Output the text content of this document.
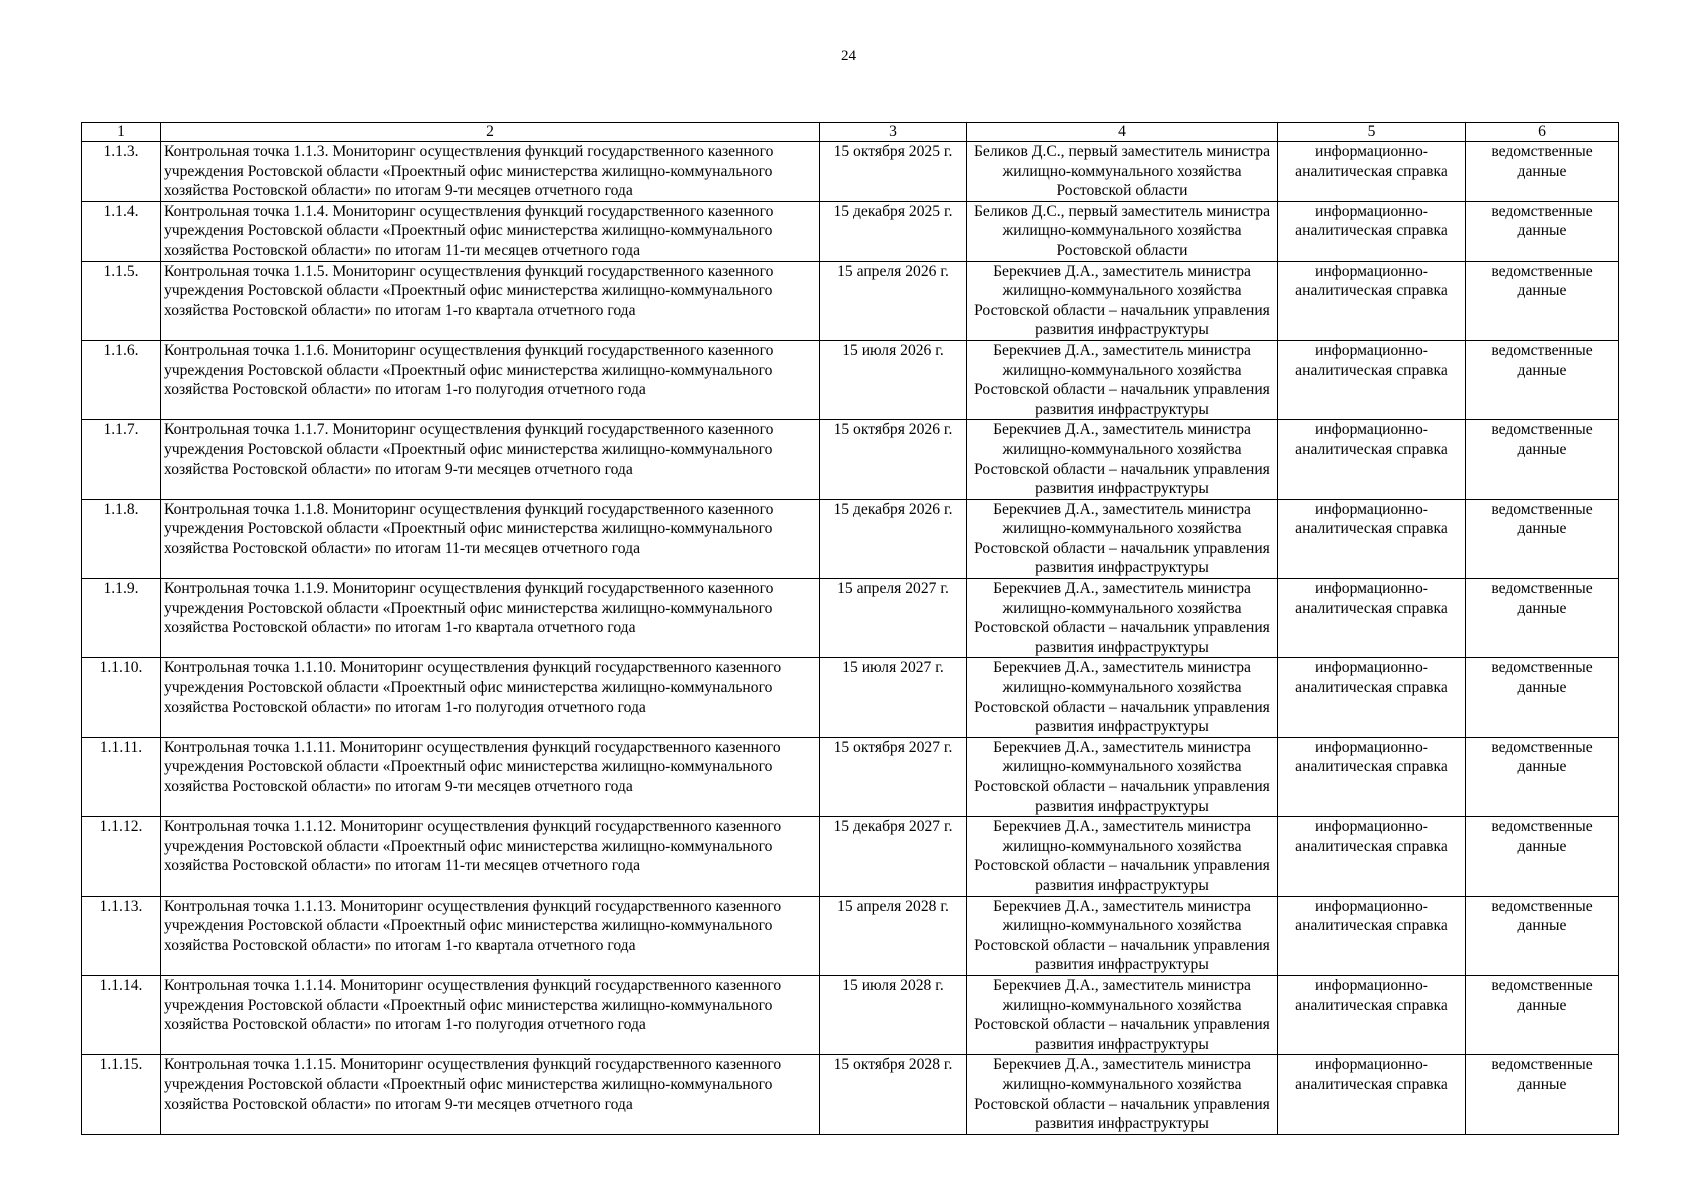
24
1	2	3	4	5	6
1.1.3.	Контрольная точка 1.1.3. Мониторинг осуществления функций государственного казенного учреждения Ростовской области «Проектный офис министерства жилищно-коммунального хозяйства Ростовской области» по итогам 9-ти месяцев отчетного года	15 октября 2025 г.	Беликов Д.С., первый заместитель министра жилищно-коммунального хозяйства Ростовской области	информационно-аналитическая справка	ведомственные данные
1.1.4.	Контрольная точка 1.1.4. Мониторинг осуществления функций государственного казенного учреждения Ростовской области «Проектный офис министерства жилищно-коммунального хозяйства Ростовской области» по итогам 11-ти месяцев отчетного года	15 декабря 2025 г.	Беликов Д.С., первый заместитель министра жилищно-коммунального хозяйства Ростовской области	информационно-аналитическая справка	ведомственные данные
1.1.5.	Контрольная точка 1.1.5. Мониторинг осуществления функций государственного казенного учреждения Ростовской области «Проектный офис министерства жилищно-коммунального хозяйства Ростовской области» по итогам 1-го квартала отчетного года	15 апреля 2026 г.	Берекчиев Д.А., заместитель министра жилищно-коммунального хозяйства Ростовской области – начальник управления развития инфраструктуры	информационно-аналитическая справка	ведомственные данные
1.1.6.	Контрольная точка 1.1.6. Мониторинг осуществления функций государственного казенного учреждения Ростовской области «Проектный офис министерства жилищно-коммунального хозяйства Ростовской области» по итогам 1-го полугодия отчетного года	15 июля 2026 г.	Берекчиев Д.А., заместитель министра жилищно-коммунального хозяйства Ростовской области – начальник управления развития инфраструктуры	информационно-аналитическая справка	ведомственные данные
1.1.7.	Контрольная точка 1.1.7. Мониторинг осуществления функций государственного казенного учреждения Ростовской области «Проектный офис министерства жилищно-коммунального хозяйства Ростовской области» по итогам 9-ти месяцев отчетного года	15 октября 2026 г.	Берекчиев Д.А., заместитель министра жилищно-коммунального хозяйства Ростовской области – начальник управления развития инфраструктуры	информационно-аналитическая справка	ведомственные данные
1.1.8.	Контрольная точка 1.1.8. Мониторинг осуществления функций государственного казенного учреждения Ростовской области «Проектный офис министерства жилищно-коммунального хозяйства Ростовской области» по итогам 11-ти месяцев отчетного года	15 декабря 2026 г.	Берекчиев Д.А., заместитель министра жилищно-коммунального хозяйства Ростовской области – начальник управления развития инфраструктуры	информационно-аналитическая справка	ведомственные данные
1.1.9.	Контрольная точка 1.1.9. Мониторинг осуществления функций государственного казенного учреждения Ростовской области «Проектный офис министерства жилищно-коммунального хозяйства Ростовской области» по итогам 1-го квартала отчетного года	15 апреля 2027 г.	Берекчиев Д.А., заместитель министра жилищно-коммунального хозяйства Ростовской области – начальник управления развития инфраструктуры	информационно-аналитическая справка	ведомственные данные
1.1.10.	Контрольная точка 1.1.10. Мониторинг осуществления функций государственного казенного учреждения Ростовской области «Проектный офис министерства жилищно-коммунального хозяйства Ростовской области» по итогам 1-го полугодия отчетного года	15 июля 2027 г.	Берекчиев Д.А., заместитель министра жилищно-коммунального хозяйства Ростовской области – начальник управления развития инфраструктуры	информационно-аналитическая справка	ведомственные данные
1.1.11.	Контрольная точка 1.1.11. Мониторинг осуществления функций государственного казенного учреждения Ростовской области «Проектный офис министерства жилищно-коммунального хозяйства Ростовской области» по итогам 9-ти месяцев отчетного года	15 октября 2027 г.	Берекчиев Д.А., заместитель министра жилищно-коммунального хозяйства Ростовской области – начальник управления развития инфраструктуры	информационно-аналитическая справка	ведомственные данные
1.1.12.	Контрольная точка 1.1.12. Мониторинг осуществления функций государственного казенного учреждения Ростовской области «Проектный офис министерства жилищно-коммунального хозяйства Ростовской области» по итогам 11-ти месяцев отчетного года	15 декабря 2027 г.	Берекчиев Д.А., заместитель министра жилищно-коммунального хозяйства Ростовской области – начальник управления развития инфраструктуры	информационно-аналитическая справка	ведомственные данные
1.1.13.	Контрольная точка 1.1.13. Мониторинг осуществления функций государственного казенного учреждения Ростовской области «Проектный офис министерства жилищно-коммунального хозяйства Ростовской области» по итогам 1-го квартала отчетного года	15 апреля 2028 г.	Берекчиев Д.А., заместитель министра жилищно-коммунального хозяйства Ростовской области – начальник управления развития инфраструктуры	информационно-аналитическая справка	ведомственные данные
1.1.14.	Контрольная точка 1.1.14. Мониторинг осуществления функций государственного казенного учреждения Ростовской области «Проектный офис министерства жилищно-коммунального хозяйства Ростовской области» по итогам 1-го полугодия отчетного года	15 июля 2028 г.	Берекчиев Д.А., заместитель министра жилищно-коммунального хозяйства Ростовской области – начальник управления развития инфраструктуры	информационно-аналитическая справка	ведомственные данные
1.1.15.	Контрольная точка 1.1.15. Мониторинг осуществления функций государственного казенного учреждения Ростовской области «Проектный офис министерства жилищно-коммунального хозяйства Ростовской области» по итогам 9-ти месяцев отчетного года	15 октября 2028 г.	Берекчиев Д.А., заместитель министра жилищно-коммунального хозяйства Ростовской области – начальник управления развития инфраструктуры	информационно-аналитическая справка	ведомственные данные
